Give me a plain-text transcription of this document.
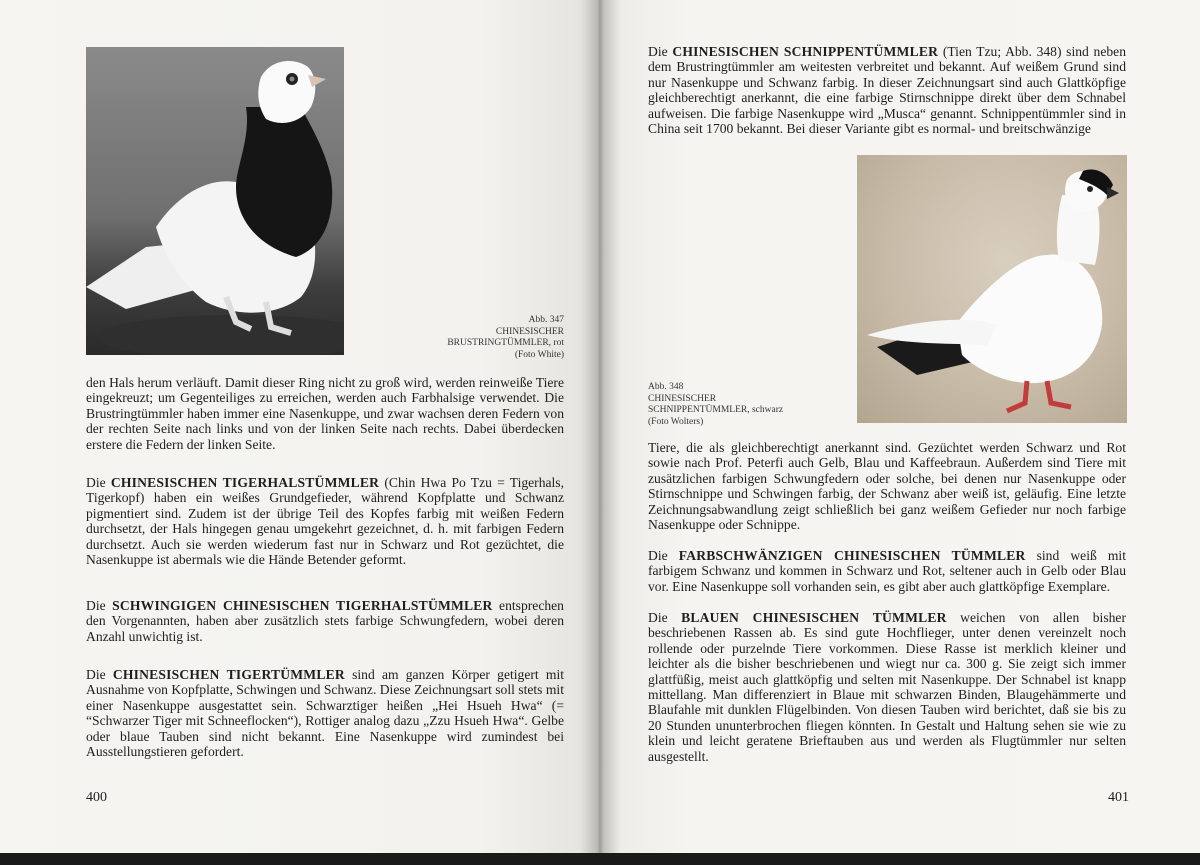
Abb. 347
CHINESISCHER
BRUSTRINGTÜMMLER, rot
(Foto White)

den Hals herum verläuft. Damit dieser Ring nicht zu groß wird, werden reinweiße Tiere eingekreuzt; um Gegenteiliges zu erreichen, werden auch Farbhalsige verwendet. Die Brustringtümmler haben immer eine Nasenkuppe, und zwar wachsen deren Federn von der rechten Seite nach links und von der linken Seite nach rechts. Dabei überdecken erstere die Federn der linken Seite.

Die CHINESISCHEN TIGERHALSTÜMMLER (Chin Hwa Po Tzu = Tigerhals, Tigerkopf) haben ein weißes Grundgefieder, während Kopfplatte und Schwanz pigmentiert sind. Zudem ist der übrige Teil des Kopfes farbig mit weißen Federn durchsetzt, der Hals hingegen genau umgekehrt gezeichnet, d. h. mit farbigen Federn durchsetzt. Auch sie werden wiederum fast nur in Schwarz und Rot gezüchtet, die Nasenkuppe ist abermals wie die Hände Betender geformt.

Die SCHWINGIGEN CHINESISCHEN TIGERHALSTÜMMLER entsprechen den Vorgenannten, haben aber zusätzlich stets farbige Schwungfedern, wobei deren Anzahl unwichtig ist.

Die CHINESISCHEN TIGERTÜMMLER sind am ganzen Körper getigert mit Ausnahme von Kopfplatte, Schwingen und Schwanz. Diese Zeichnungsart soll stets mit einer Nasenkuppe ausgestattet sein. Schwarztiger heißen „Hei Hsueh Hwa“ (= “Schwarzer Tiger mit Schneeflocken“), Rottiger analog dazu „Zzu Hsueh Hwa“. Gelbe oder blaue Tauben sind nicht bekannt. Eine Nasenkuppe wird zumindest bei Ausstellungstieren gefordert.

400

Die CHINESISCHEN SCHNIPPENTÜMMLER (Tien Tzu; Abb. 348) sind neben dem Brustringtümmler am weitesten verbreitet und bekannt. Auf weißem Grund sind nur Nasenkuppe und Schwanz farbig. In dieser Zeichnungsart sind auch Glattköpfige gleichberechtigt anerkannt, die eine farbige Stirnschnippe direkt über dem Schnabel aufweisen. Die farbige Nasenkuppe wird „Musca“ genannt. Schnippentümmler sind in China seit 1700 bekannt. Bei dieser Variante gibt es normal- und breitschwänzige

Abb. 348
CHINESISCHER
SCHNIPPENTÜMMLER, schwarz
(Foto Wolters)

Tiere, die als gleichberechtigt anerkannt sind. Gezüchtet werden Schwarz und Rot sowie nach Prof. Peterfi auch Gelb, Blau und Kaffeebraun. Außerdem sind Tiere mit zusätzlichen farbigen Schwungfedern oder solche, bei denen nur Nasenkuppe oder Stirnschnippe und Schwingen farbig, der Schwanz aber weiß ist, geläufig. Eine letzte Zeichnungsabwandlung zeigt schließlich bei ganz weißem Gefieder nur noch farbige Nasenkuppe oder Schnippe.

Die FARBSCHWÄNZIGEN CHINESISCHEN TÜMMLER sind weiß mit farbigem Schwanz und kommen in Schwarz und Rot, seltener auch in Gelb oder Blau vor. Eine Nasenkuppe soll vorhanden sein, es gibt aber auch glattköpfige Exemplare.

Die BLAUEN CHINESISCHEN TÜMMLER weichen von allen bisher beschriebenen Rassen ab. Es sind gute Hochflieger, unter denen vereinzelt noch rollende oder purzelnde Tiere vorkommen. Diese Rasse ist merklich kleiner und leichter als die bisher beschriebenen und wiegt nur ca. 300 g. Sie zeigt sich immer glattfüßig, meist auch glattköpfig und selten mit Nasenkuppe. Der Schnabel ist knapp mittellang. Man differenziert in Blaue mit schwarzen Binden, Blaugehämmerte und Blaufahle mit dunklen Flügelbinden. Von diesen Tauben wird berichtet, daß sie bis zu 20 Stunden ununterbrochen fliegen könnten. In Gestalt und Haltung sehen sie wie zu klein und leicht geratene Brieftauben aus und werden als Flugtümmler nur selten ausgestellt.

401
